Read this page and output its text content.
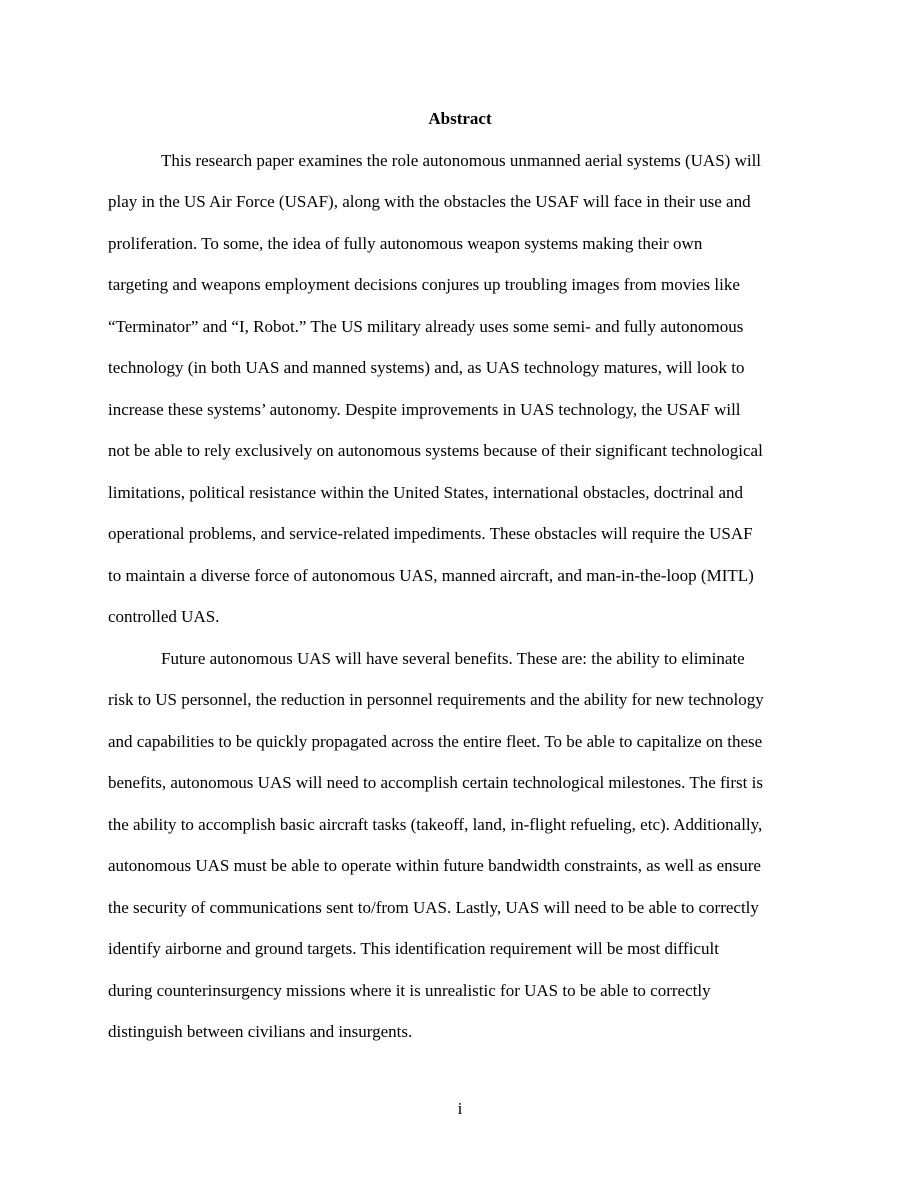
Abstract
This research paper examines the role autonomous unmanned aerial systems (UAS) will
play in the US Air Force (USAF), along with the obstacles the USAF will face in their use and
proliferation. To some, the idea of fully autonomous weapon systems making their own
targeting and weapons employment decisions conjures up troubling images from movies like
“Terminator” and “I, Robot.” The US military already uses some semi- and fully autonomous
technology (in both UAS and manned systems) and, as UAS technology matures, will look to
increase these systems’ autonomy. Despite improvements in UAS technology, the USAF will
not be able to rely exclusively on autonomous systems because of their significant technological
limitations, political resistance within the United States, international obstacles, doctrinal and
operational problems, and service-related impediments. These obstacles will require the USAF
to maintain a diverse force of autonomous UAS, manned aircraft, and man-in-the-loop (MITL)
controlled UAS.
Future autonomous UAS will have several benefits. These are: the ability to eliminate
risk to US personnel, the reduction in personnel requirements and the ability for new technology
and capabilities to be quickly propagated across the entire fleet. To be able to capitalize on these
benefits, autonomous UAS will need to accomplish certain technological milestones. The first is
the ability to accomplish basic aircraft tasks (takeoff, land, in-flight refueling, etc). Additionally,
autonomous UAS must be able to operate within future bandwidth constraints, as well as ensure
the security of communications sent to/from UAS. Lastly, UAS will need to be able to correctly
identify airborne and ground targets. This identification requirement will be most difficult
during counterinsurgency missions where it is unrealistic for UAS to be able to correctly
distinguish between civilians and insurgents.
i
